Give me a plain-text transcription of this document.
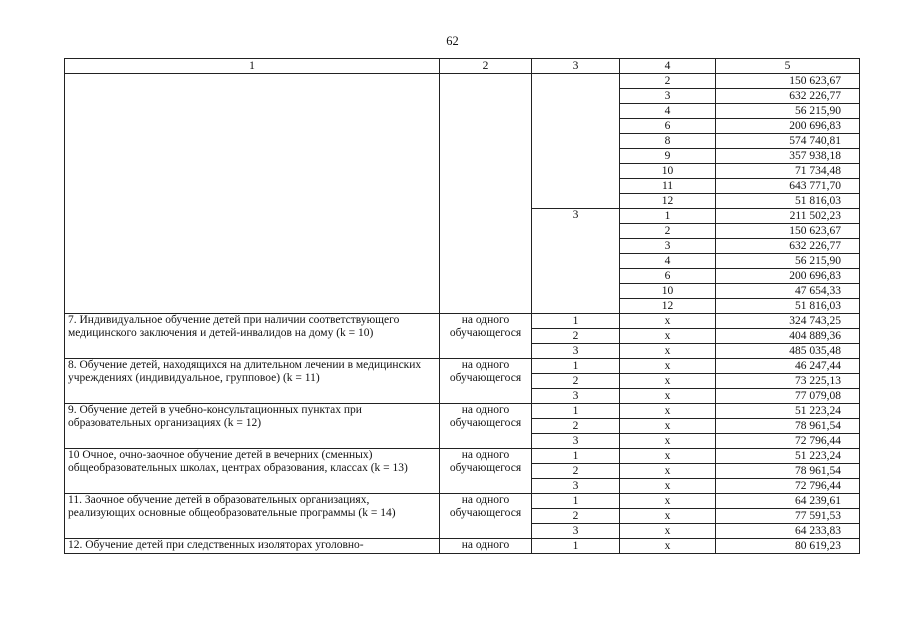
62
1	2	3	4	5
			2	150 623,67
			3	632 226,77
			4	56 215,90
			6	200 696,83
			8	574 740,81
			9	357 938,18
			10	71 734,48
			11	643 771,70
			12	51 816,03
		3	1	211 502,23
			2	150 623,67
			3	632 226,77
			4	56 215,90
			6	200 696,83
			10	47 654,33
			12	51 816,03
7. Индивидуальное обучение детей при наличии соответствующего медицинского заключения и детей-инвалидов на дому (k = 10)	на одного обучающегося	1	х	324 743,25
		2	х	404 889,36
		3	х	485 035,48
8. Обучение детей, находящихся на длительном лечении в медицинских учреждениях (индивидуальное, групповое) (k = 11)	на одного обучающегося	1	х	46 247,44
		2	х	73 225,13
		3	х	77 079,08
9. Обучение детей в учебно-консультационных пунктах при образовательных организациях (k = 12)	на одного обучающегося	1	х	51 223,24
		2	х	78 961,54
		3	х	72 796,44
10 Очное, очно-заочное обучение детей в вечерних (сменных) общеобразовательных школах, центрах образования, классах (k = 13)	на одного обучающегося	1	х	51 223,24
		2	х	78 961,54
		3	х	72 796,44
11. Заочное обучение детей в образовательных организациях, реализующих основные общеобразовательные программы (k = 14)	на одного обучающегося	1	х	64 239,61
		2	х	77 591,53
		3	х	64 233,83
12. Обучение детей при следственных изоляторах уголовно-	на одного	1	х	80 619,23
